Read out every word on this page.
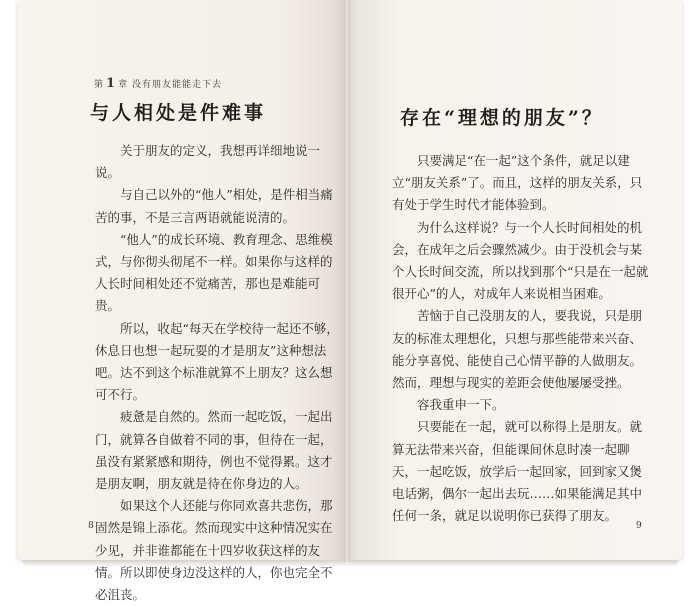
第 1 章 没有朋友能能走下去
与人相处是件难事

关于朋友的定义，我想再详细地说一说。

与自己以外的“他人”相处，是件相当痛苦的事，不是三言两语就能说清的。

“他人”的成长环境、教育理念、思维模式，与你彻头彻尾不一样。如果你与这样的人长时间相处还不觉痛苦，那也是难能可贵。

所以，收起“每天在学校待一起还不够，休息日也想一起玩耍的才是朋友”这种想法吧。达不到这个标准就算不上朋友？这么想可不行。

疲惫是自然的。然而一起吃饭，一起出门，就算各自做着不同的事，但待在一起，虽没有紧紧感和期待，例也不觉得累。这才是朋友啊，朋友就是待在你身边的人。

如果这个人还能与你同欢喜共悲伤，那固然是锦上添花。然而现实中这种情况实在少见，并非谁都能在十四岁收获这样的友情。所以即使身边没这样的人，你也完全不必沮丧。

存在“理想的朋友”？

只要满足“在一起”这个条件，就足以建立“朋友关系”了。而且，这样的朋友关系，只有处于学生时代才能体验到。

为什么这样说？与一个人长时间相处的机会，在成年之后会骤然减少。由于没机会与某个人长时间交流，所以找到那个“只是在一起就很开心”的人，对成年人来说相当困难。

苦恼于自己没朋友的人，要我说，只是朋友的标准太理想化，只想与那些能带来兴奋、能分享喜悦、能使自己心情平静的人做朋友。然而，理想与现实的差距会使他屡屡受挫。

容我重申一下。

只要能在一起，就可以称得上是朋友。就算无法带来兴奋，但能课间休息时凑一起聊天，一起吃饭，放学后一起回家，回到家又煲电话粥，偶尔一起出去玩……如果能满足其中任何一条，就足以说明你已获得了朋友。

8	9
